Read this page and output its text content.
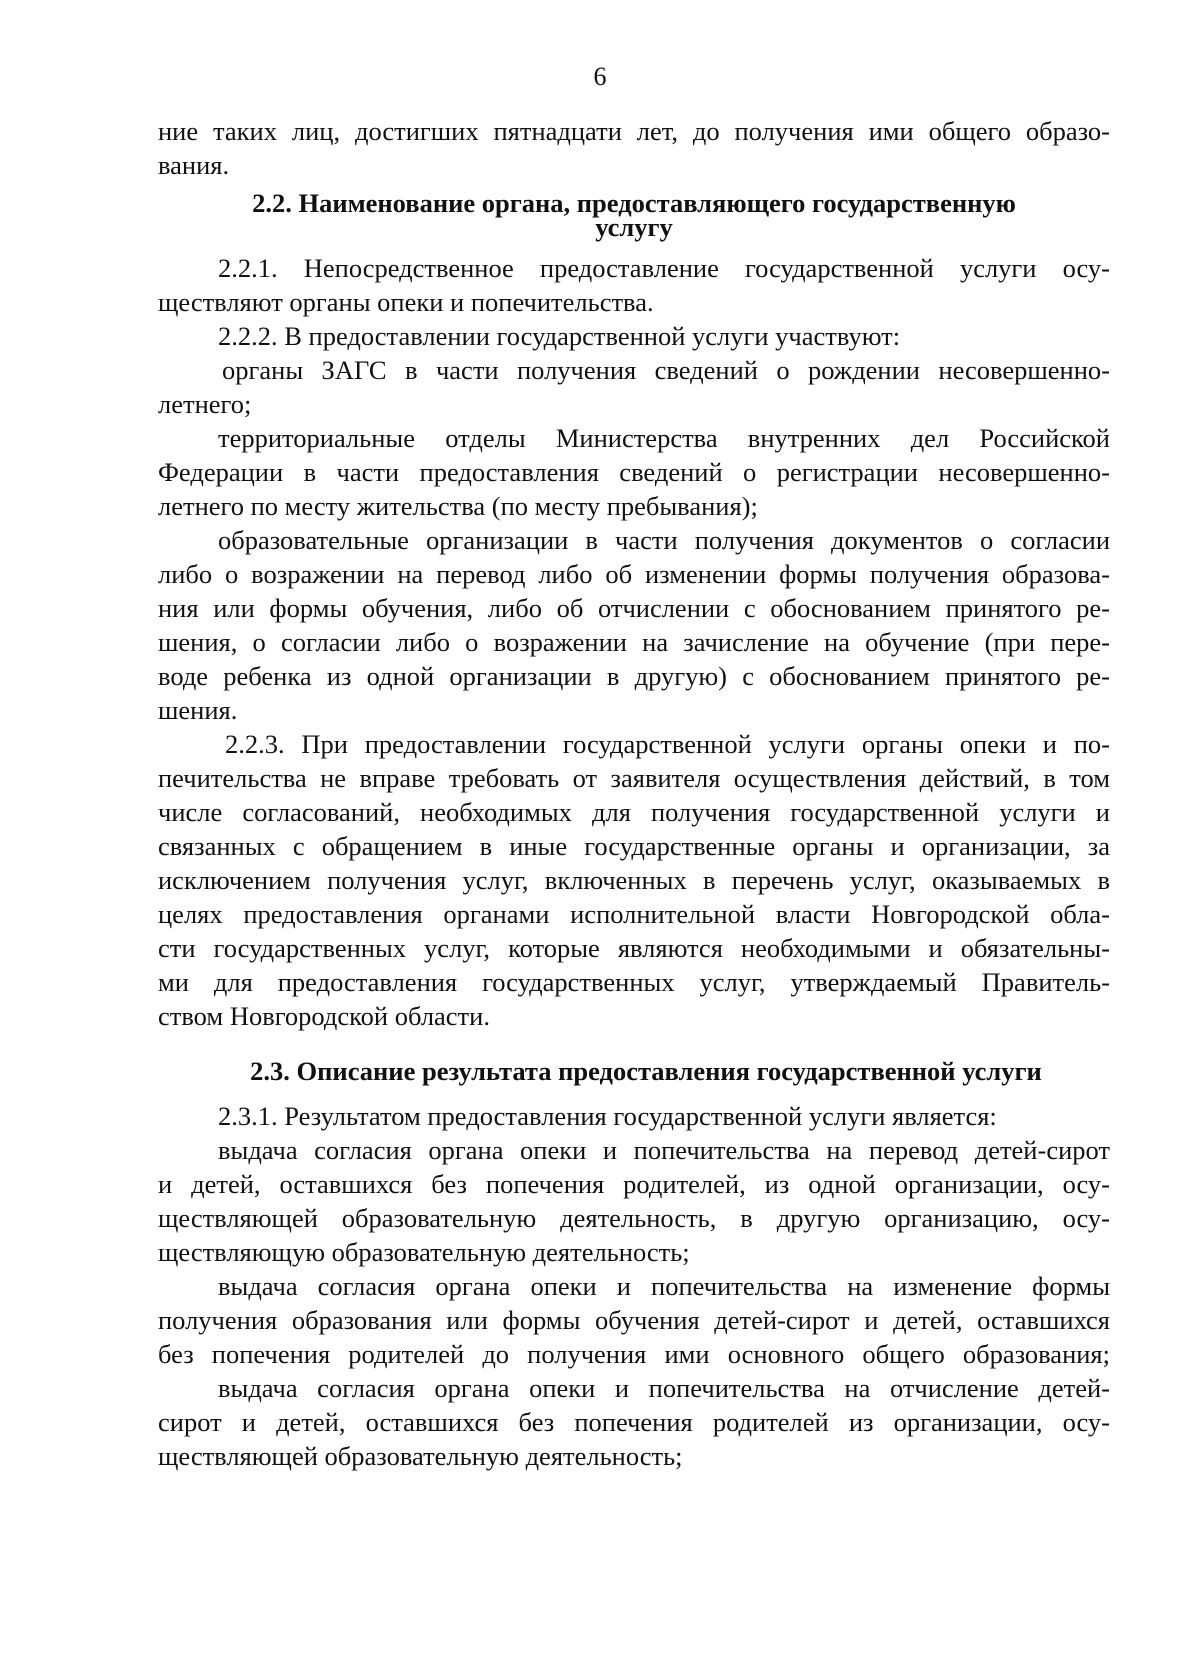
6
ние таких лиц, достигших пятнадцати лет, до получения ими общего образо-
вания.
2.2. Наименование органа, предоставляющего государственную
услугу
2.2.1. Непосредственное предоставление государственной услуги осу-
ществляют органы опеки и попечительства.
2.2.2. В предоставлении государственной услуги участвуют:
органы ЗАГС в части получения сведений о рождении несовершенно-
летнего;
территориальные отделы Министерства внутренних дел Российской
Федерации в части предоставления сведений о регистрации несовершенно-
летнего по месту жительства (по месту пребывания);
образовательные организации в части получения документов о согласии
либо о возражении на перевод либо об изменении формы получения образова-
ния или формы обучения, либо об отчислении с обоснованием принятого ре-
шения, о согласии либо о возражении на зачисление на обучение (при пере-
воде ребенка из одной организации в другую) с обоснованием принятого ре-
шения.
2.2.3. При предоставлении государственной услуги органы опеки и по-
печительства не вправе требовать от заявителя осуществления действий, в том
числе согласований, необходимых для получения государственной услуги и
связанных с обращением в иные государственные органы и организации, за
исключением получения услуг, включенных в перечень услуг, оказываемых в
целях предоставления органами исполнительной власти Новгородской обла-
сти государственных услуг, которые являются необходимыми и обязательны-
ми для предоставления государственных услуг, утверждаемый Правитель-
ством Новгородской области.
2.3. Описание результата предоставления государственной услуги
2.3.1. Результатом предоставления государственной услуги является:
выдача согласия органа опеки и попечительства на перевод детей-сирот
и детей, оставшихся без попечения родителей, из одной организации, осу-
ществляющей образовательную деятельность, в другую организацию, осу-
ществляющую образовательную деятельность;
выдача согласия органа опеки и попечительства на изменение формы
получения образования или формы обучения детей-сирот и детей, оставшихся
без попечения родителей до получения ими основного общего образования;
выдача согласия органа опеки и попечительства на отчисление детей-
сирот и детей, оставшихся без попечения родителей из организации, осу-
ществляющей образовательную деятельность;
